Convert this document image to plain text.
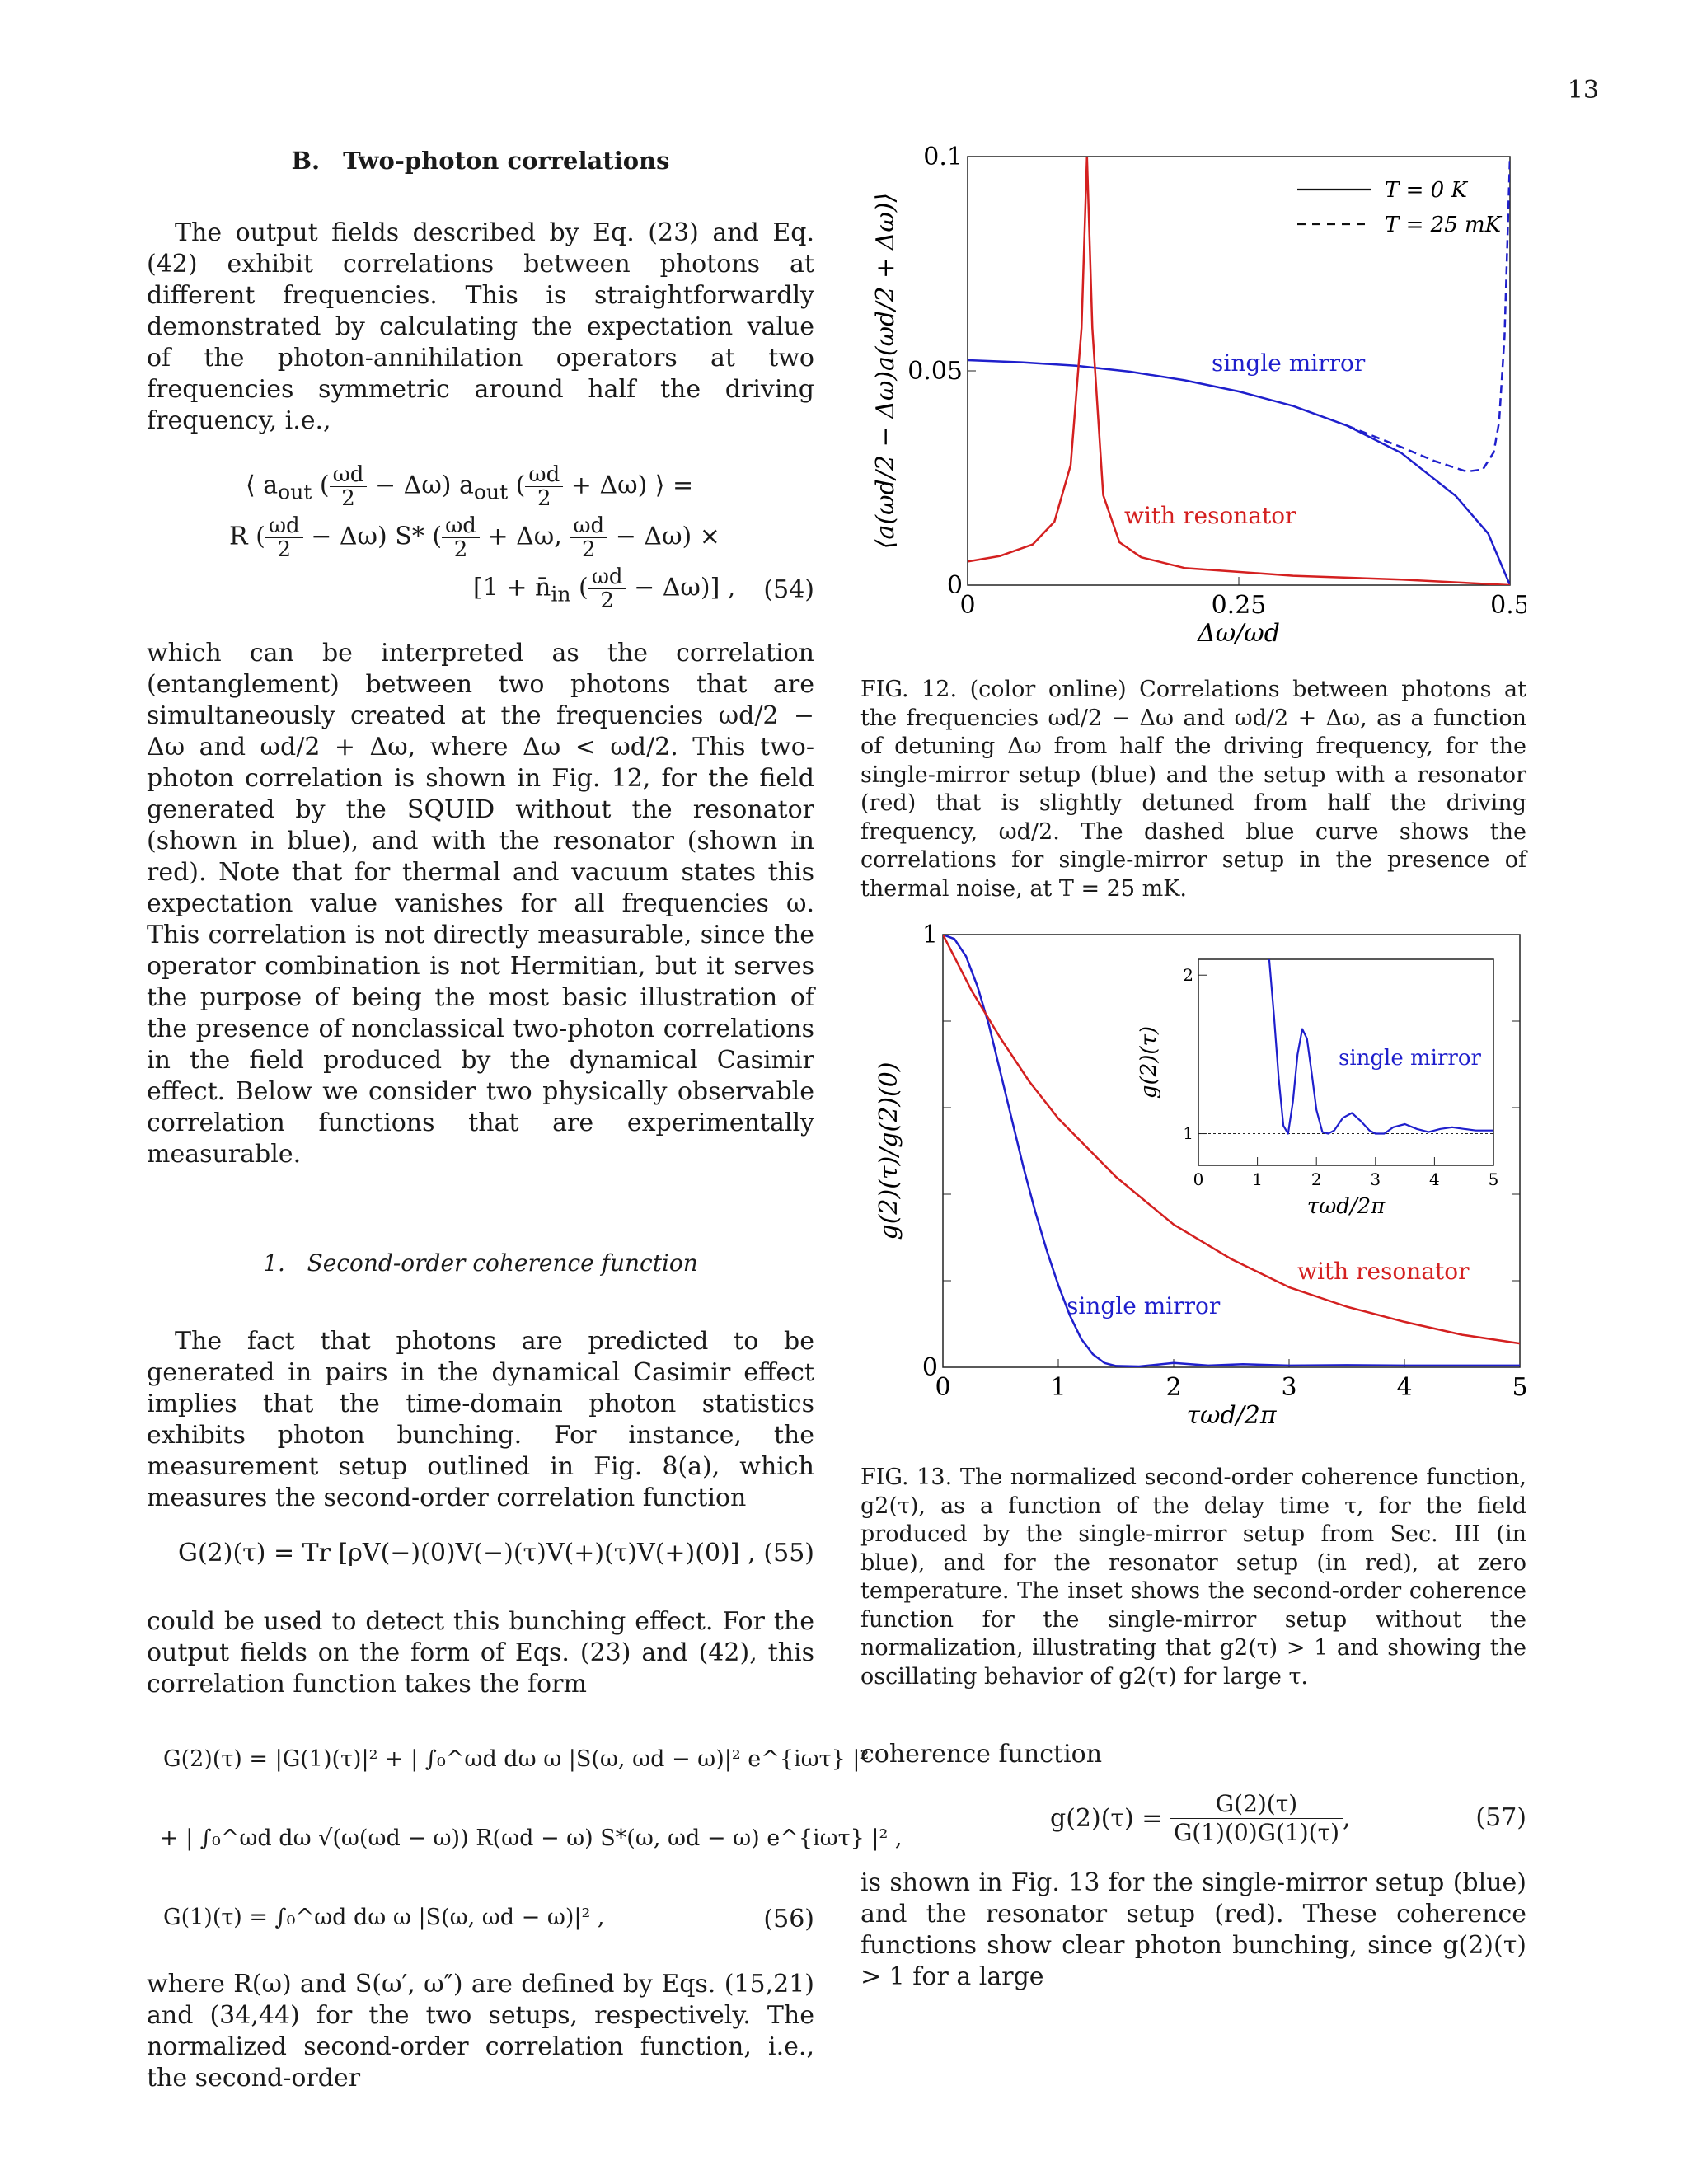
13
B. Two-photon correlations

The output fields described by Eq. (23) and Eq. (42) exhibit correlations between photons at different frequencies. This is straightforwardly demonstrated by calculating the expectation value of the photon-annihilation operators at two frequencies symmetric around half the driving frequency, i.e.,

⟨ $a_{out}$ ( $\frac{\omega d}{2} - \Delta\omega$) $a_{out}$ ( $\frac{\omega d}{2} + \Delta\omega$) ⟩ =
R ( $\frac{\omega d}{2} - \Delta\omega$) S* ( $\frac{\omega d}{2} + \Delta\omega$, $\frac{\omega d}{2} - \Delta\omega$) ×
[$1 + n̄_{in}$ ( $\frac{\omega d}{2} - \Delta\omega$)] , (54)

which can be interpreted as the correlation (entanglement) between two photons that are simultaneously created at the frequencies ωd/2 − Δω and ωd/2 + Δω, where Δω < ωd/2. This two-photon correlation is shown in Fig. 12, for the field generated by the SQUID without the resonator (shown in blue), and with the resonator (shown in red). Note that for thermal and vacuum states this expectation value vanishes for all frequencies ω. This correlation is not directly measurable, since the operator combination is not Hermitian, but it serves the purpose of being the most basic illustration of the presence of nonclassical two-photon correlations in the field produced by the dynamical Casimir effect. Below we consider two physically observable correlation functions that are experimentally measurable.

1. Second-order coherence function

The fact that photons are predicted to be generated in pairs in the dynamical Casimir effect implies that the time-domain photon statistics exhibits photon bunching. For instance, the measurement setup outlined in Fig. 8(a), which measures the second-order correlation function

G(2)(τ) = Tr [ρV(−)(0)V(−)(τ)V(+)(τ)V(+)(0)] , (55)

could be used to detect this bunching effect. For the output fields on the form of Eqs. (23) and (42), this correlation function takes the form

G(2)(τ) = |G(1)(τ)|² + | ∫₀^ωd dω ω |S(ω, ωd − ω)|² e^{iωτ} |²
+ | ∫₀^ωd dω √(ω(ωd − ω)) R(ωd − ω) S*(ω, ωd − ω) e^{iωτ} |² ,
G(1)(τ) = ∫₀^ωd dω ω |S(ω, ωd − ω)|² ,	(56)

where R(ω) and S(ω′, ω″) are defined by Eqs. (15,21) and (34,44) for the two setups, respectively. The normalized second-order correlation function, i.e., the second-order

0	0.25	0.5
0
0.05
0.1
Δω/ωd
⟨a(ωd/2 − Δω)a(ωd/2 + Δω)⟩
T = 0 K
T = 25 mK
single mirror
with resonator

FIG. 12. (color online) Correlations between photons at the frequencies ωd/2 − Δω and ωd/2 + Δω, as a function of detuning Δω from half the driving frequency, for the single-mirror setup (blue) and the setup with a resonator (red) that is slightly detuned from half the driving frequency, ωd/2. The dashed blue curve shows the correlations for single-mirror setup in the presence of thermal noise, at T = 25 mK.

0	1	2	3	4	5
0
1
τωd/2π
g(2)(τ)/g(2)(0)
single mirror
with resonator
0	1	2	3	4	5
1
2
τωd/2π
g(2)(τ)	single mirror

FIG. 13. The normalized second-order coherence function, g2(τ), as a function of the delay time τ, for the field produced by the single-mirror setup from Sec. III (in blue), and for the resonator setup (in red), at zero temperature. The inset shows the second-order coherence function for the single-mirror setup without the normalization, illustrating that g2(τ) > 1 and showing the oscillating behavior of g2(τ) for large τ.

coherence function

$g(2)(\tau) = \frac{G(2)(\tau)}{G(1)(0)G(1)(\tau)}$ ,	(57)

is shown in Fig. 13 for the single-mirror setup (blue) and the resonator setup (red). These coherence functions show clear photon bunching, since g(2)(τ) > 1 for a large
